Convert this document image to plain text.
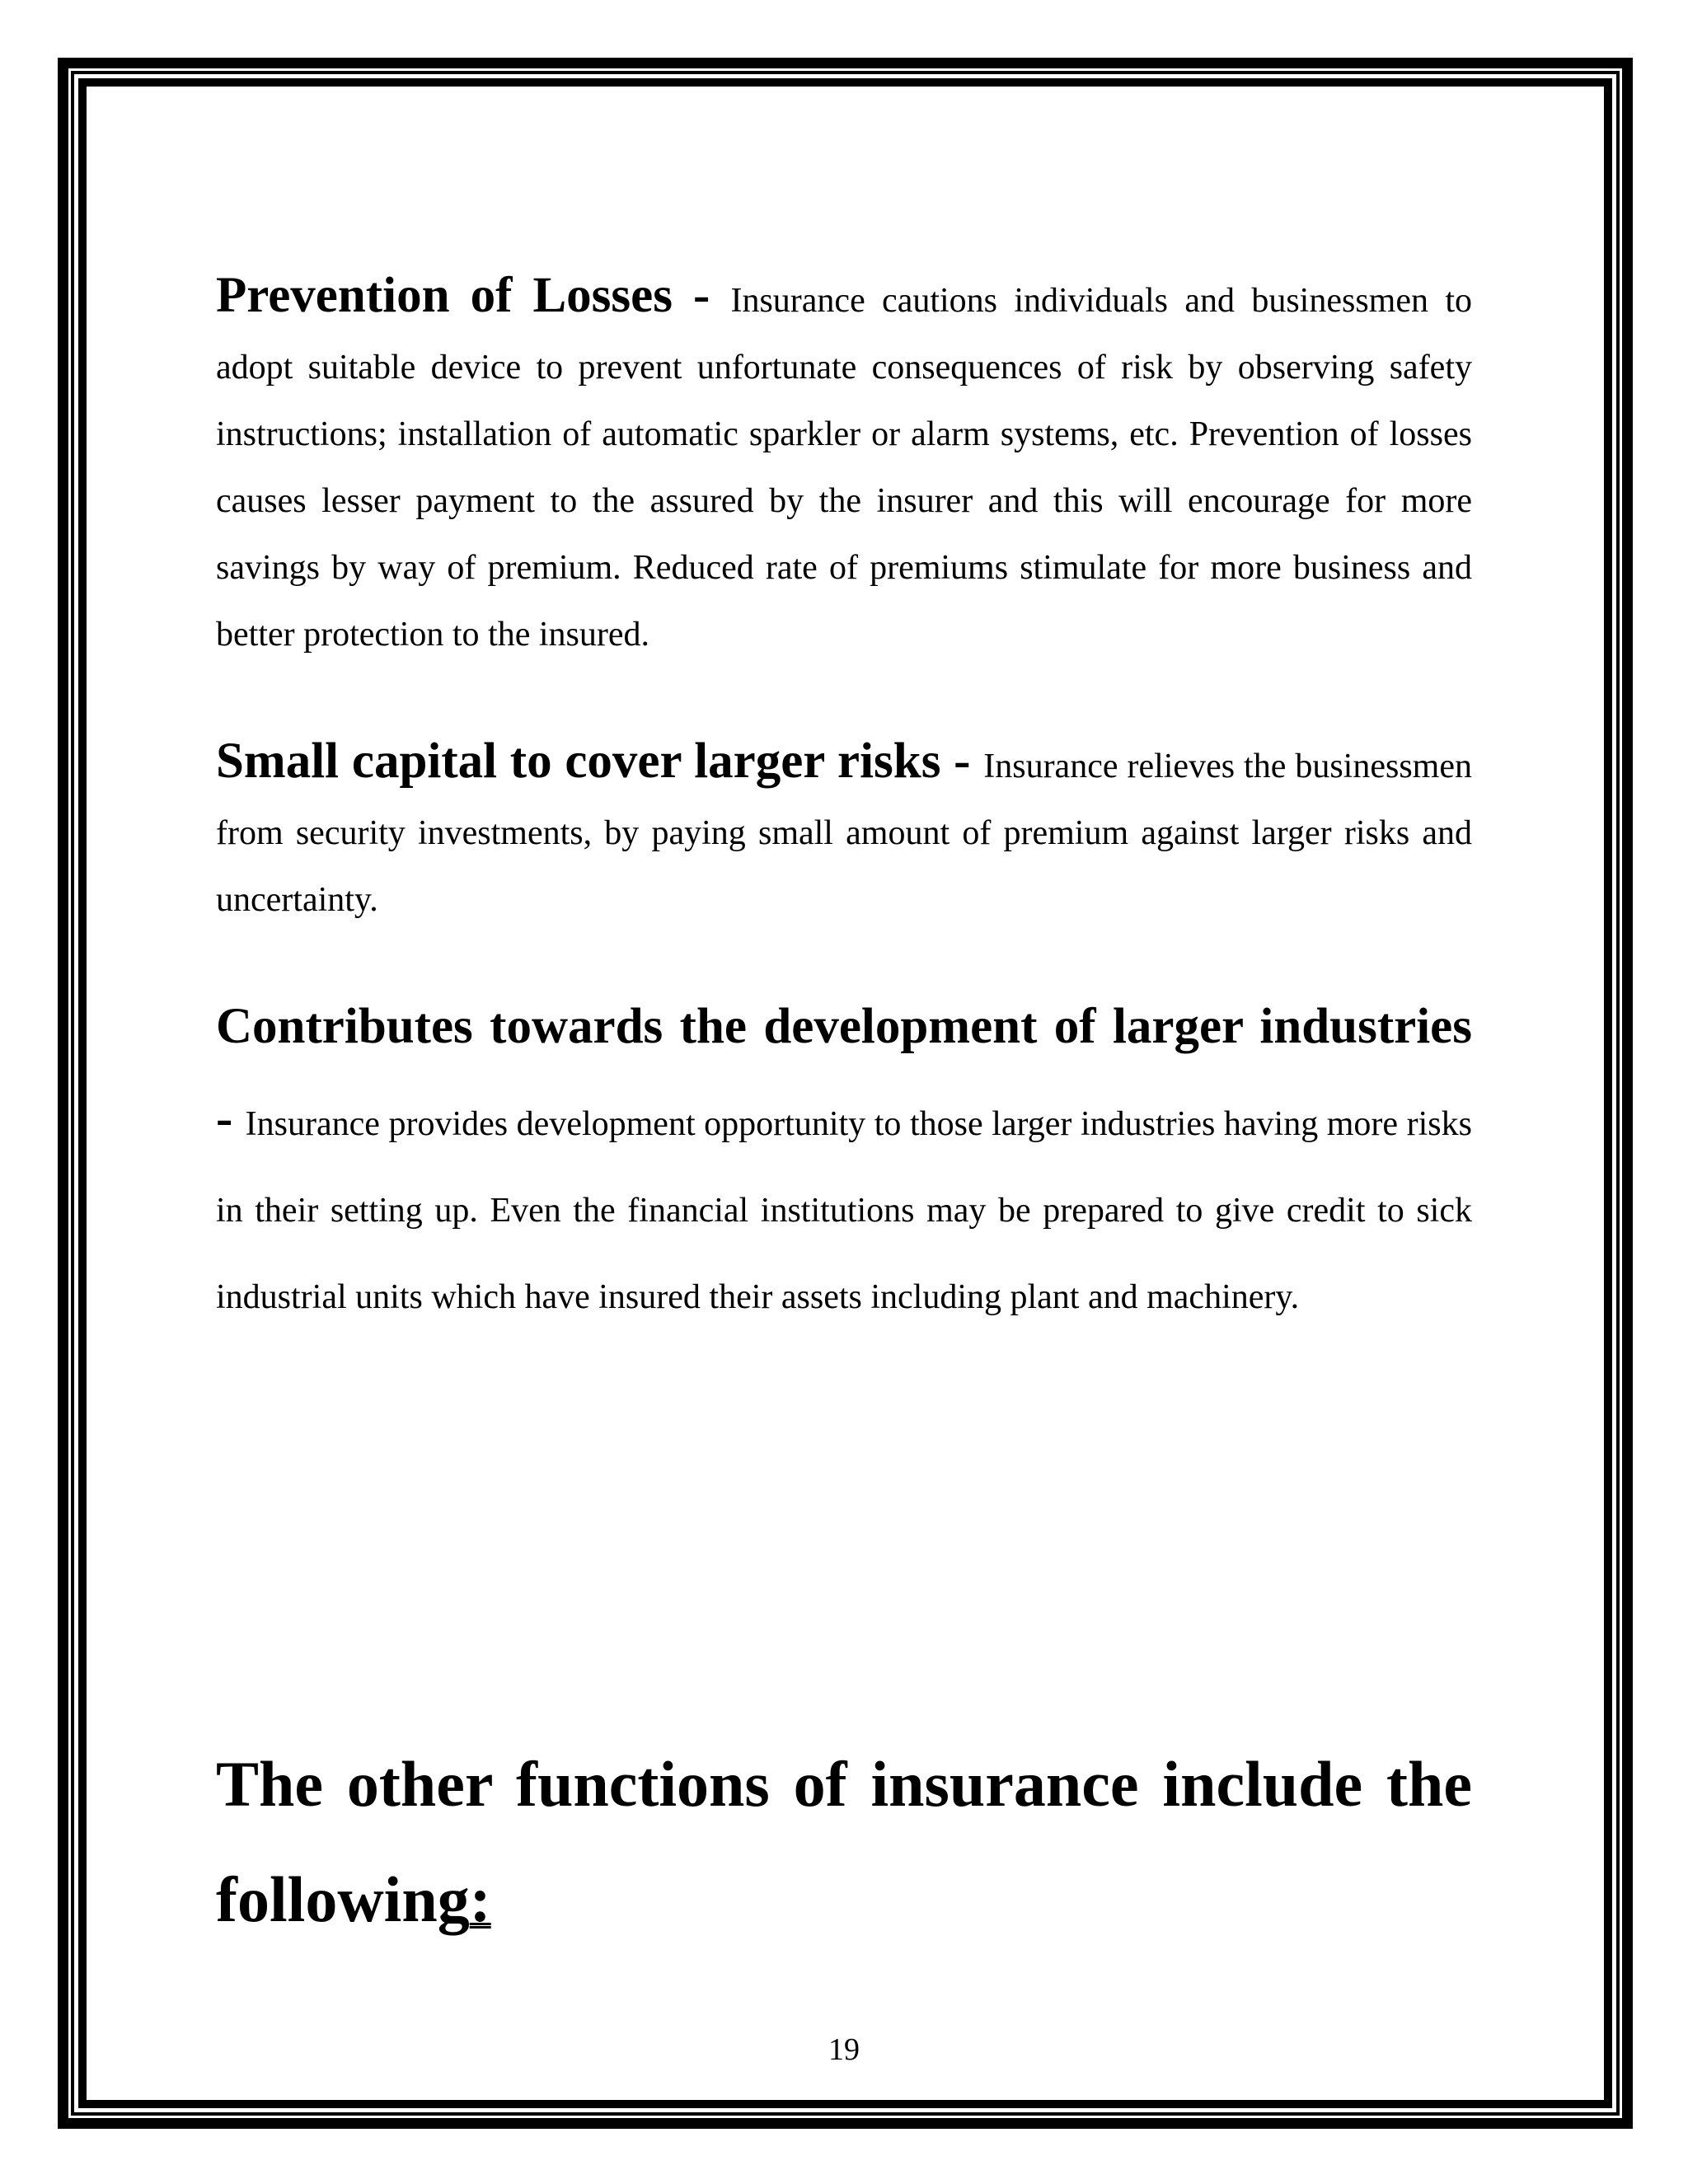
Prevention of Losses - Insurance cautions individuals and businessmen to adopt suitable device to prevent unfortunate consequences of risk by observing safety instructions; installation of automatic sparkler or alarm systems, etc. Prevention of losses causes lesser payment to the assured by the insurer and this will encourage for more savings by way of premium. Reduced rate of premiums stimulate for more business and better protection to the insured.

Small capital to cover larger risks - Insurance relieves the businessmen from security investments, by paying small amount of premium against larger risks and uncertainty.

Contributes towards the development of larger industries - Insurance provides development opportunity to those larger industries having more risks in their setting up. Even the financial institutions may be prepared to give credit to sick industrial units which have insured their assets including plant and machinery.

The other functions of insurance include the following:
19
